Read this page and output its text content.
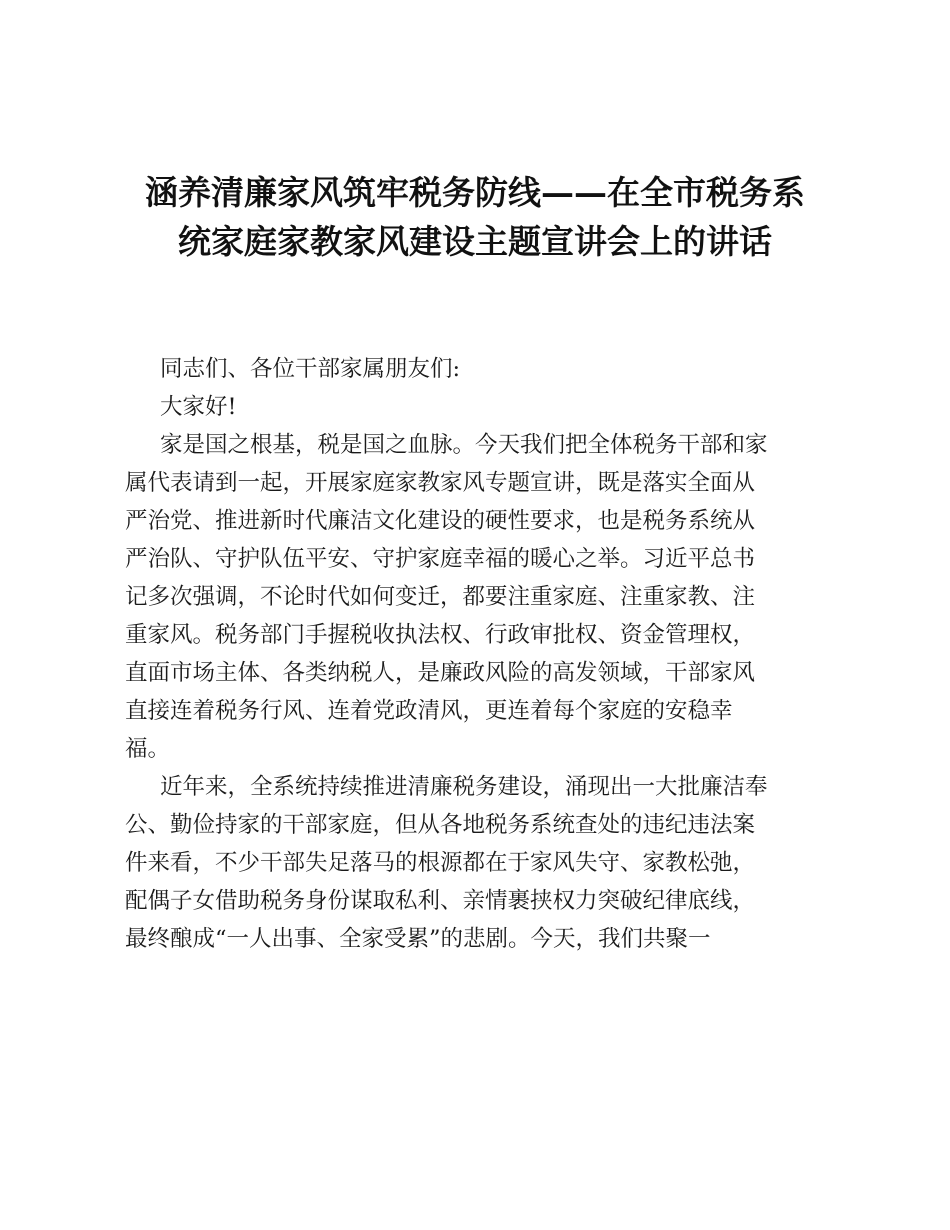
涵养清廉家风筑牢税务防线——在全市税务系
统家庭家教家风建设主题宣讲会上的讲话

同志们、各位干部家属朋友们:

大家好!

家是国之根基，税是国之血脉。今天我们把全体税务干部和家
属代表请到一起，开展家庭家教家风专题宣讲，既是落实全面从
严治党、推进新时代廉洁文化建设的硬性要求，也是税务系统从
严治队、守护队伍平安、守护家庭幸福的暖心之举。习近平总书
记多次强调，不论时代如何变迁，都要注重家庭、注重家教、注
重家风。税务部门手握税收执法权、行政审批权、资金管理权，
直面市场主体、各类纳税人，是廉政风险的高发领域，干部家风
直接连着税务行风、连着党政清风，更连着每个家庭的安稳幸
福。

近年来，全系统持续推进清廉税务建设，涌现出一大批廉洁奉
公、勤俭持家的干部家庭，但从各地税务系统查处的违纪违法案
件来看，不少干部失足落马的根源都在于家风失守、家教松弛，
配偶子女借助税务身份谋取私利、亲情裹挟权力突破纪律底线，
最终酿成“一人出事、全家受累”的悲剧。今天，我们共聚一
